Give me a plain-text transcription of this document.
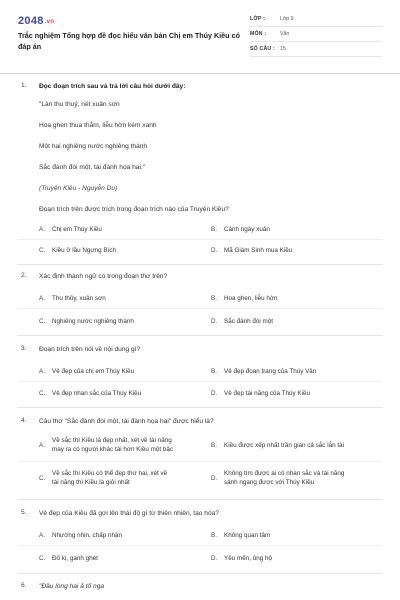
2048.vn
Trắc nghiệm Tổng hợp đề đọc hiểu văn bản Chị em Thúy Kiều có đáp án
LỚP :	Lớp 9
MÔN :	Văn
SỐ CÂU : 15
1.	Đọc đoạn trích sau và trả lời câu hỏi dưới đây:
"Làn thu thuỷ, nét xuân sơn
Hoa ghen thua thắm, liễu hờn kém xanh
Một hai nghiêng nước nghiêng thành
Sắc đành đòi một, tài đành họa hai."
(Truyện Kiều - Nguyễn Du)
Đoạn trích trên được trích trong đoạn trích nào của Truyện Kiều?
A.	Chị em Thúy Kiều	B.	Cảnh ngày xuân
C.	Kiều ở lầu Ngưng Bích	D.	Mã Giám Sinh mua Kiều
2.	Xác định thành ngữ có trong đoạn thơ trên?
A.	Thu thủy, xuân sơn	B.	Hoa ghen, liễu hờn
C.	Nghiêng nước nghiêng thành	D.	Sắc đành đòi một
3.	Đoạn trích trên nói về nội dung gì?
A.	Vẻ đẹp của chị em Thúy Kiều	B.	Vẻ đẹp đoan trang của Thúy Vân
C.	Vẻ đẹp nhan sắc của Thúy Kiều	D.	Vẻ đẹp tài năng của Thúy Kiều
4.	Câu thơ "Sắc đành đòi một, tài đành họa hai" được hiểu là?
A.
Về sắc thì Kiều là đẹp nhất, xét về tài năng
may ra có người khác tài hơn Kiều một bậc
B.	Kiều được xếp nhất trần gian cả sắc lẫn tài
C.
Về sắc thì Kiều có thể đẹp thứ hai, xét về
tài năng thì Kiều là giỏi nhất
D.
Không tìm được ai có nhan sắc và tài năng
sánh ngang được với Thúy Kiều
5.	Vẻ đẹp của Kiều đã gợi lên thái độ gì từ thiên nhiên, tạo hóa?
A.	Nhường nhịn, chấp nhận	B.	Không quan tâm
C.	Đố kị, ganh ghét	D.	Yêu mến, ủng hộ
6.	"Đầu lòng hai ả tố nga
